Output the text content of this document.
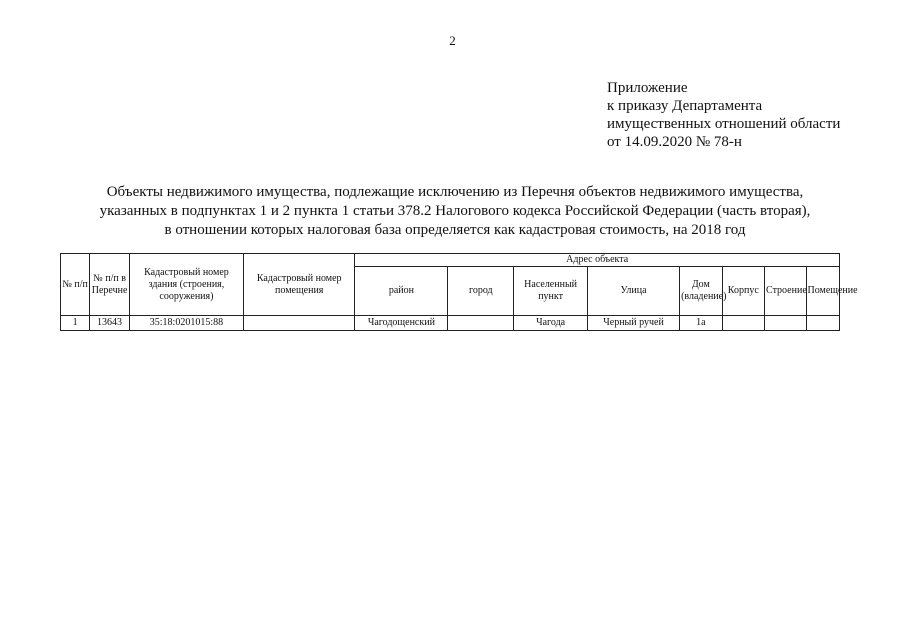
2
Приложение
к приказу Департамента
имущественных отношений области
от 14.09.2020 № 78-н
Объекты недвижимого имущества, подлежащие исключению из Перечня объектов недвижимого имущества,
указанных в подпунктах 1 и 2 пункта 1 статьи 378.2 Налогового кодекса Российской Федерации (часть вторая),
в отношении которых налоговая база определяется как кадастровая стоимость, на 2018 год
№ п/п	№ п/п в Перечне	Кадастровый номер здания (строения, сооружения)	Кадастровый номер помещения	Адрес объекта							
				район	город	Населенный пункт	Улица	Дом (владение)	Корпус	Строение	Помещение
1	13643	35:18:0201015:88		Чагодощенский		Чагода	Черный ручей	1а			
